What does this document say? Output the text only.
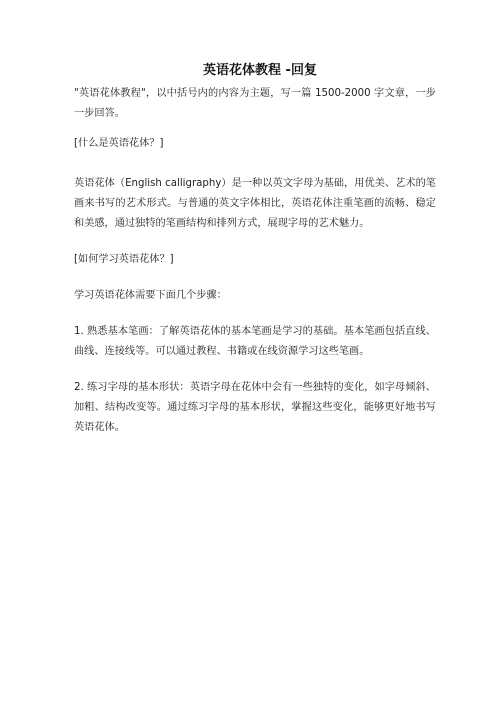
英语花体教程 -回复

"英语花体教程"，以中括号内的内容为主题，写一篇 1500-2000 字文章，一步一步回答。

[什么是英语花体？]

英语花体（English calligraphy）是一种以英文字母为基础，用优美、艺术的笔画来书写的艺术形式。与普通的英文字体相比，英语花体注重笔画的流畅、稳定和美感，通过独特的笔画结构和排列方式，展现字母的艺术魅力。

[如何学习英语花体？]

学习英语花体需要下面几个步骤：

1. 熟悉基本笔画：了解英语花体的基本笔画是学习的基础。基本笔画包括直线、曲线、连接线等。可以通过教程、书籍或在线资源学习这些笔画。

2. 练习字母的基本形状：英语字母在花体中会有一些独特的变化，如字母倾斜、加粗、结构改变等。通过练习字母的基本形状，掌握这些变化，能够更好地书写英语花体。
